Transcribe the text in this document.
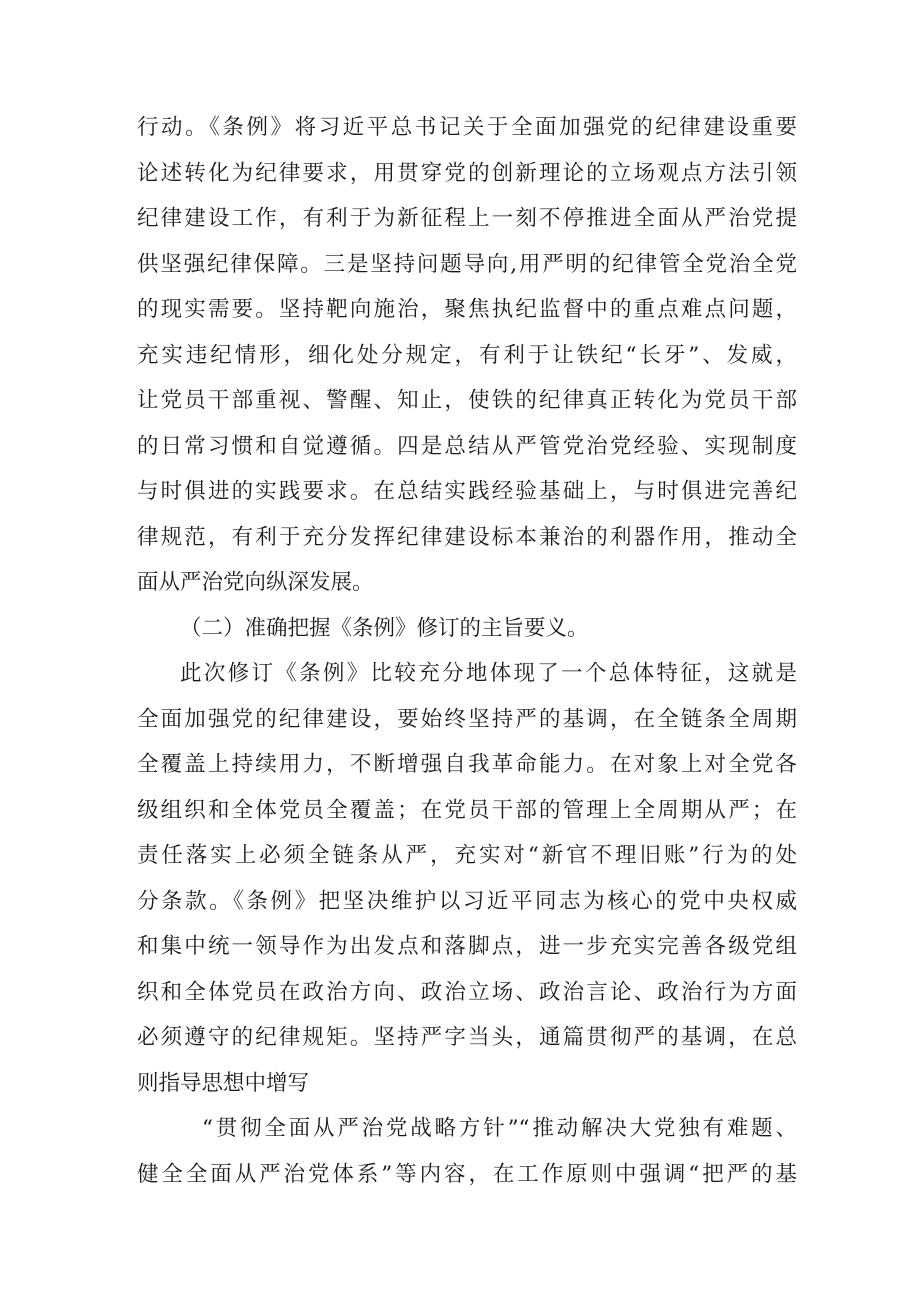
行动。《条例》将习近平总书记关于全面加强党的纪律建设重要
论述转化为纪律要求，用贯穿党的创新理论的立场观点方法引领
纪律建设工作，有利于为新征程上一刻不停推进全面从严治党提
供坚强纪律保障。三是坚持问题导向,用严明的纪律管全党治全党
的现实需要。坚持靶向施治，聚焦执纪监督中的重点难点问题，
充实违纪情形，细化处分规定，有利于让铁纪“长牙”、发威，
让党员干部重视、警醒、知止，使铁的纪律真正转化为党员干部
的日常习惯和自觉遵循。四是总结从严管党治党经验、实现制度
与时俱进的实践要求。在总结实践经验基础上，与时俱进完善纪
律规范，有利于充分发挥纪律建设标本兼治的利器作用，推动全
面从严治党向纵深发展。
（二）准确把握《条例》修订的主旨要义。
此次修订《条例》比较充分地体现了一个总体特征，这就是
全面加强党的纪律建设，要始终坚持严的基调，在全链条全周期
全覆盖上持续用力，不断增强自我革命能力。在对象上对全党各
级组织和全体党员全覆盖；在党员干部的管理上全周期从严；在
责任落实上必须全链条从严，充实对“新官不理旧账”行为的处
分条款。《条例》把坚决维护以习近平同志为核心的党中央权威
和集中统一领导作为出发点和落脚点，进一步充实完善各级党组
织和全体党员在政治方向、政治立场、政治言论、政治行为方面
必须遵守的纪律规矩。坚持严字当头，通篇贯彻严的基调，在总
则指导思想中增写
“贯彻全面从严治党战略方针”“推动解决大党独有难题、
健全全面从严治党体系”等内容，在工作原则中强调“把严的基
